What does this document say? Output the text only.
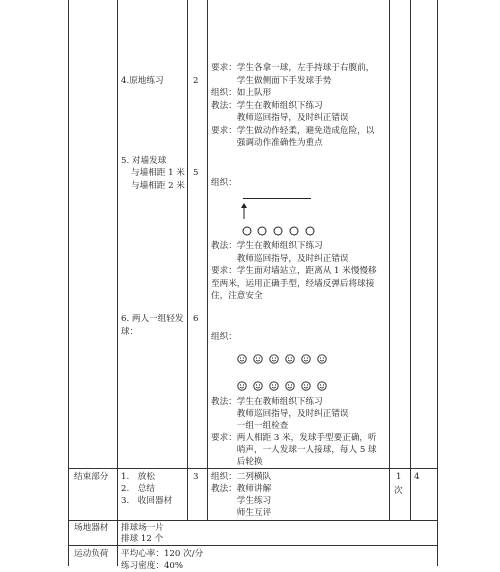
4.原地练习	2
要求：学生各拿一球，左手持球于右腹前，
　　　学生做侧面下手发球手势
组织：如上队形
教法：学生在教师组织下练习
　　　教师巡回指导，及时纠正错误
要求：学生做动作轻柔，避免造成危险，以
　　　强调动作准确性为重点
5. 对墙发球
与墙相距 1 米
与墙相距 2 米
5
组织：
教法：学生在教师组织下练习
　　　教师巡回指导，及时纠正错误
要求：学生面对墙站立，距离从 1 米慢慢移
至两米，运用正确手型，经墙反弹后将球接
住，注意安全
6. 两人一组轻发
球：
6
组织：
教法：学生在教师组织下练习
　　　教师巡回指导，及时纠正错误
　　　一组一组检查
要求：两人相距 3 米，发球手型要正确，听
　　　哨声，一人发球一人接球，每人 5 球
　　　后轮换
结束部分 1.　放松
2.　总结
3.　收回器材
3 组织：二列横队
教法：教师讲解
　　　学生练习
　　　师生互评
1
次
4
场地器材 排球场一片
排球 12 个
运动负荷 平均心率：120 次/分
练习密度：40%
